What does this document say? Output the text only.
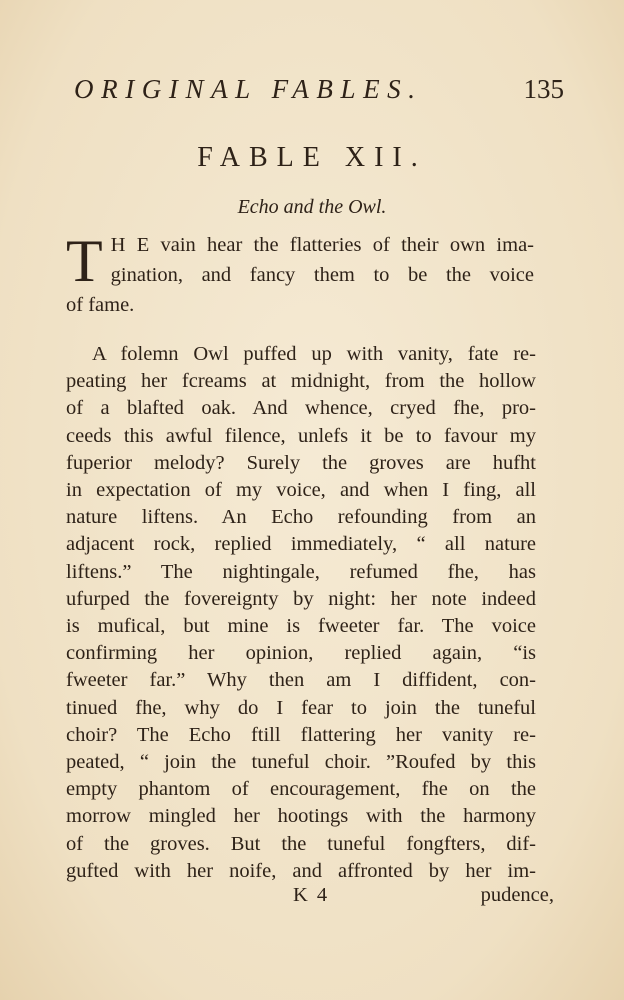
ORIGINAL FABLES.	135
FABLE XII.
Echo and the Owl.
T H E vain hear the flatteries of their own ima-
gination, and fancy them to be the voice
of fame.
A folemn Owl puffed up with vanity, fate re-
peating her fcreams at midnight, from the hollow
of a blafted oak. And whence, cryed fhe, pro-
ceeds this awful filence, unlefs it be to favour my
fuperior melody? Surely the groves are hufht
in expectation of my voice, and when I fing, all
nature liftens. An Echo refounding from an
adjacent rock, replied immediately, “ all nature
liftens.” The nightingale, refumed fhe, has
ufurped the fovereignty by night: her note indeed
is mufical, but mine is fweeter far. The voice
confirming her opinion, replied again, “is
fweeter far.” Why then am I diffident, con-
tinued fhe, why do I fear to join the tuneful
choir? The Echo ftill flattering her vanity re-
peated, “ join the tuneful choir. ”Roufed by this
empty phantom of encouragement, fhe on the
morrow mingled her hootings with the harmony
of the groves. But the tuneful fongfters, dif-
gufted with her noife, and affronted by her im-
K 4	pudence,
